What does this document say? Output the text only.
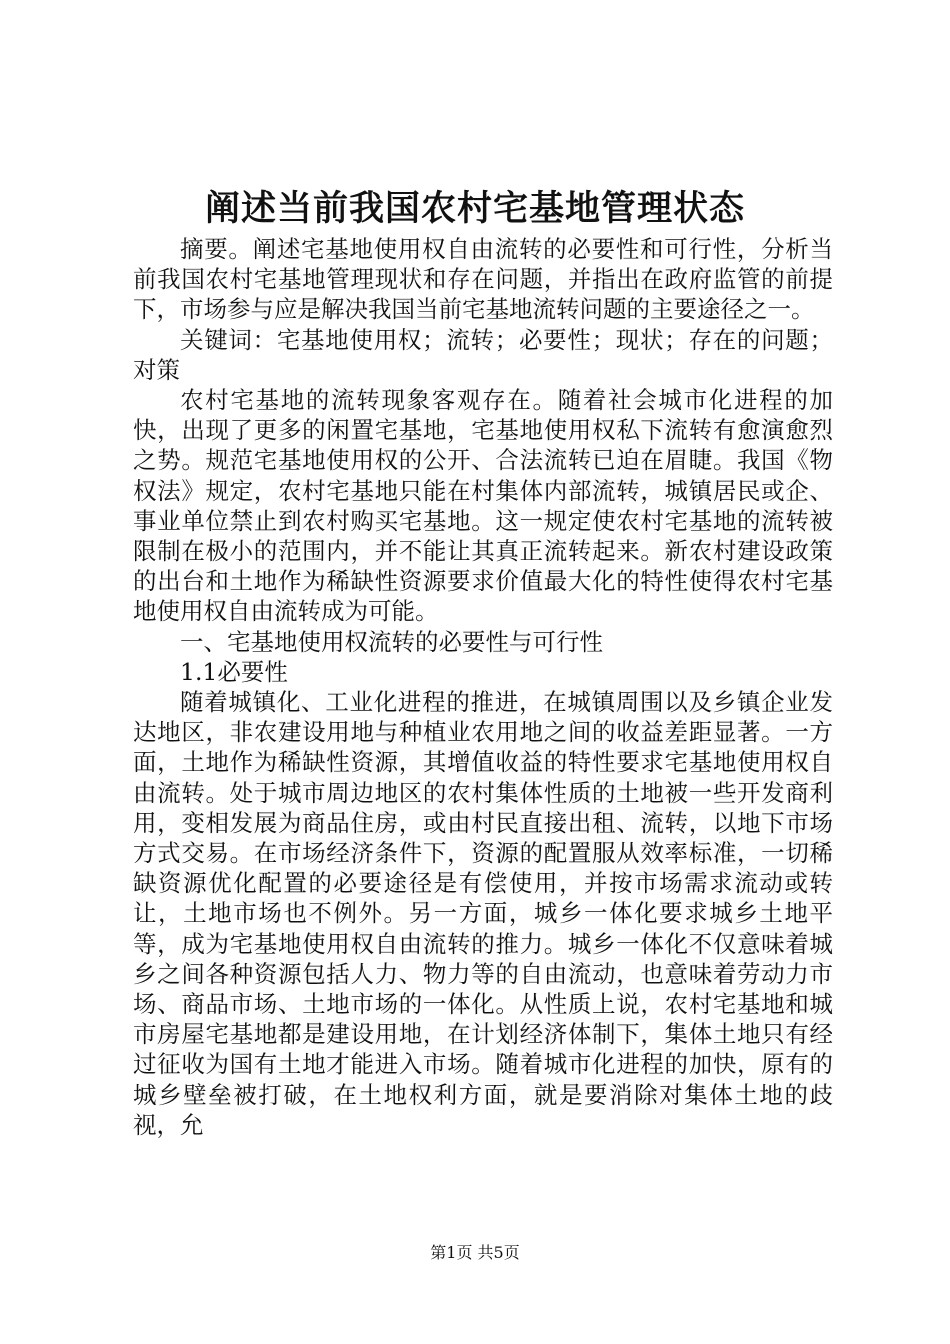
阐述当前我国农村宅基地管理状态

摘要。阐述宅基地使用权自由流转的必要性和可行性，分析当前我国农村宅基地管理现状和存在问题，并指出在政府监管的前提下，市场参与应是解决我国当前宅基地流转问题的主要途径之一。

关键词：宅基地使用权；流转；必要性；现状；存在的问题；对策

农村宅基地的流转现象客观存在。随着社会城市化进程的加快，出现了更多的闲置宅基地，宅基地使用权私下流转有愈演愈烈之势。规范宅基地使用权的公开、合法流转已迫在眉睫。我国《物权法》规定，农村宅基地只能在村集体内部流转，城镇居民或企、事业单位禁止到农村购买宅基地。这一规定使农村宅基地的流转被限制在极小的范围内，并不能让其真正流转起来。新农村建设政策的出台和土地作为稀缺性资源要求价值最大化的特性使得农村宅基地使用权自由流转成为可能。

一、宅基地使用权流转的必要性与可行性

1.1必要性

随着城镇化、工业化进程的推进，在城镇周围以及乡镇企业发达地区，非农建设用地与种植业农用地之间的收益差距显著。一方面，土地作为稀缺性资源，其增值收益的特性要求宅基地使用权自由流转。处于城市周边地区的农村集体性质的土地被一些开发商利用，变相发展为商品住房，或由村民直接出租、流转，以地下市场方式交易。在市场经济条件下，资源的配置服从效率标准，一切稀缺资源优化配置的必要途径是有偿使用，并按市场需求流动或转让，土地市场也不例外。另一方面，城乡一体化要求城乡土地平等，成为宅基地使用权自由流转的推力。城乡一体化不仅意味着城乡之间各种资源包括人力、物力等的自由流动，也意味着劳动力市场、商品市场、土地市场的一体化。从性质上说，农村宅基地和城市房屋宅基地都是建设用地，在计划经济体制下，集体土地只有经过征收为国有土地才能进入市场。随着城市化进程的加快，原有的城乡壁垒被打破，在土地权利方面，就是要消除对集体土地的歧视，允

第1页 共5页
